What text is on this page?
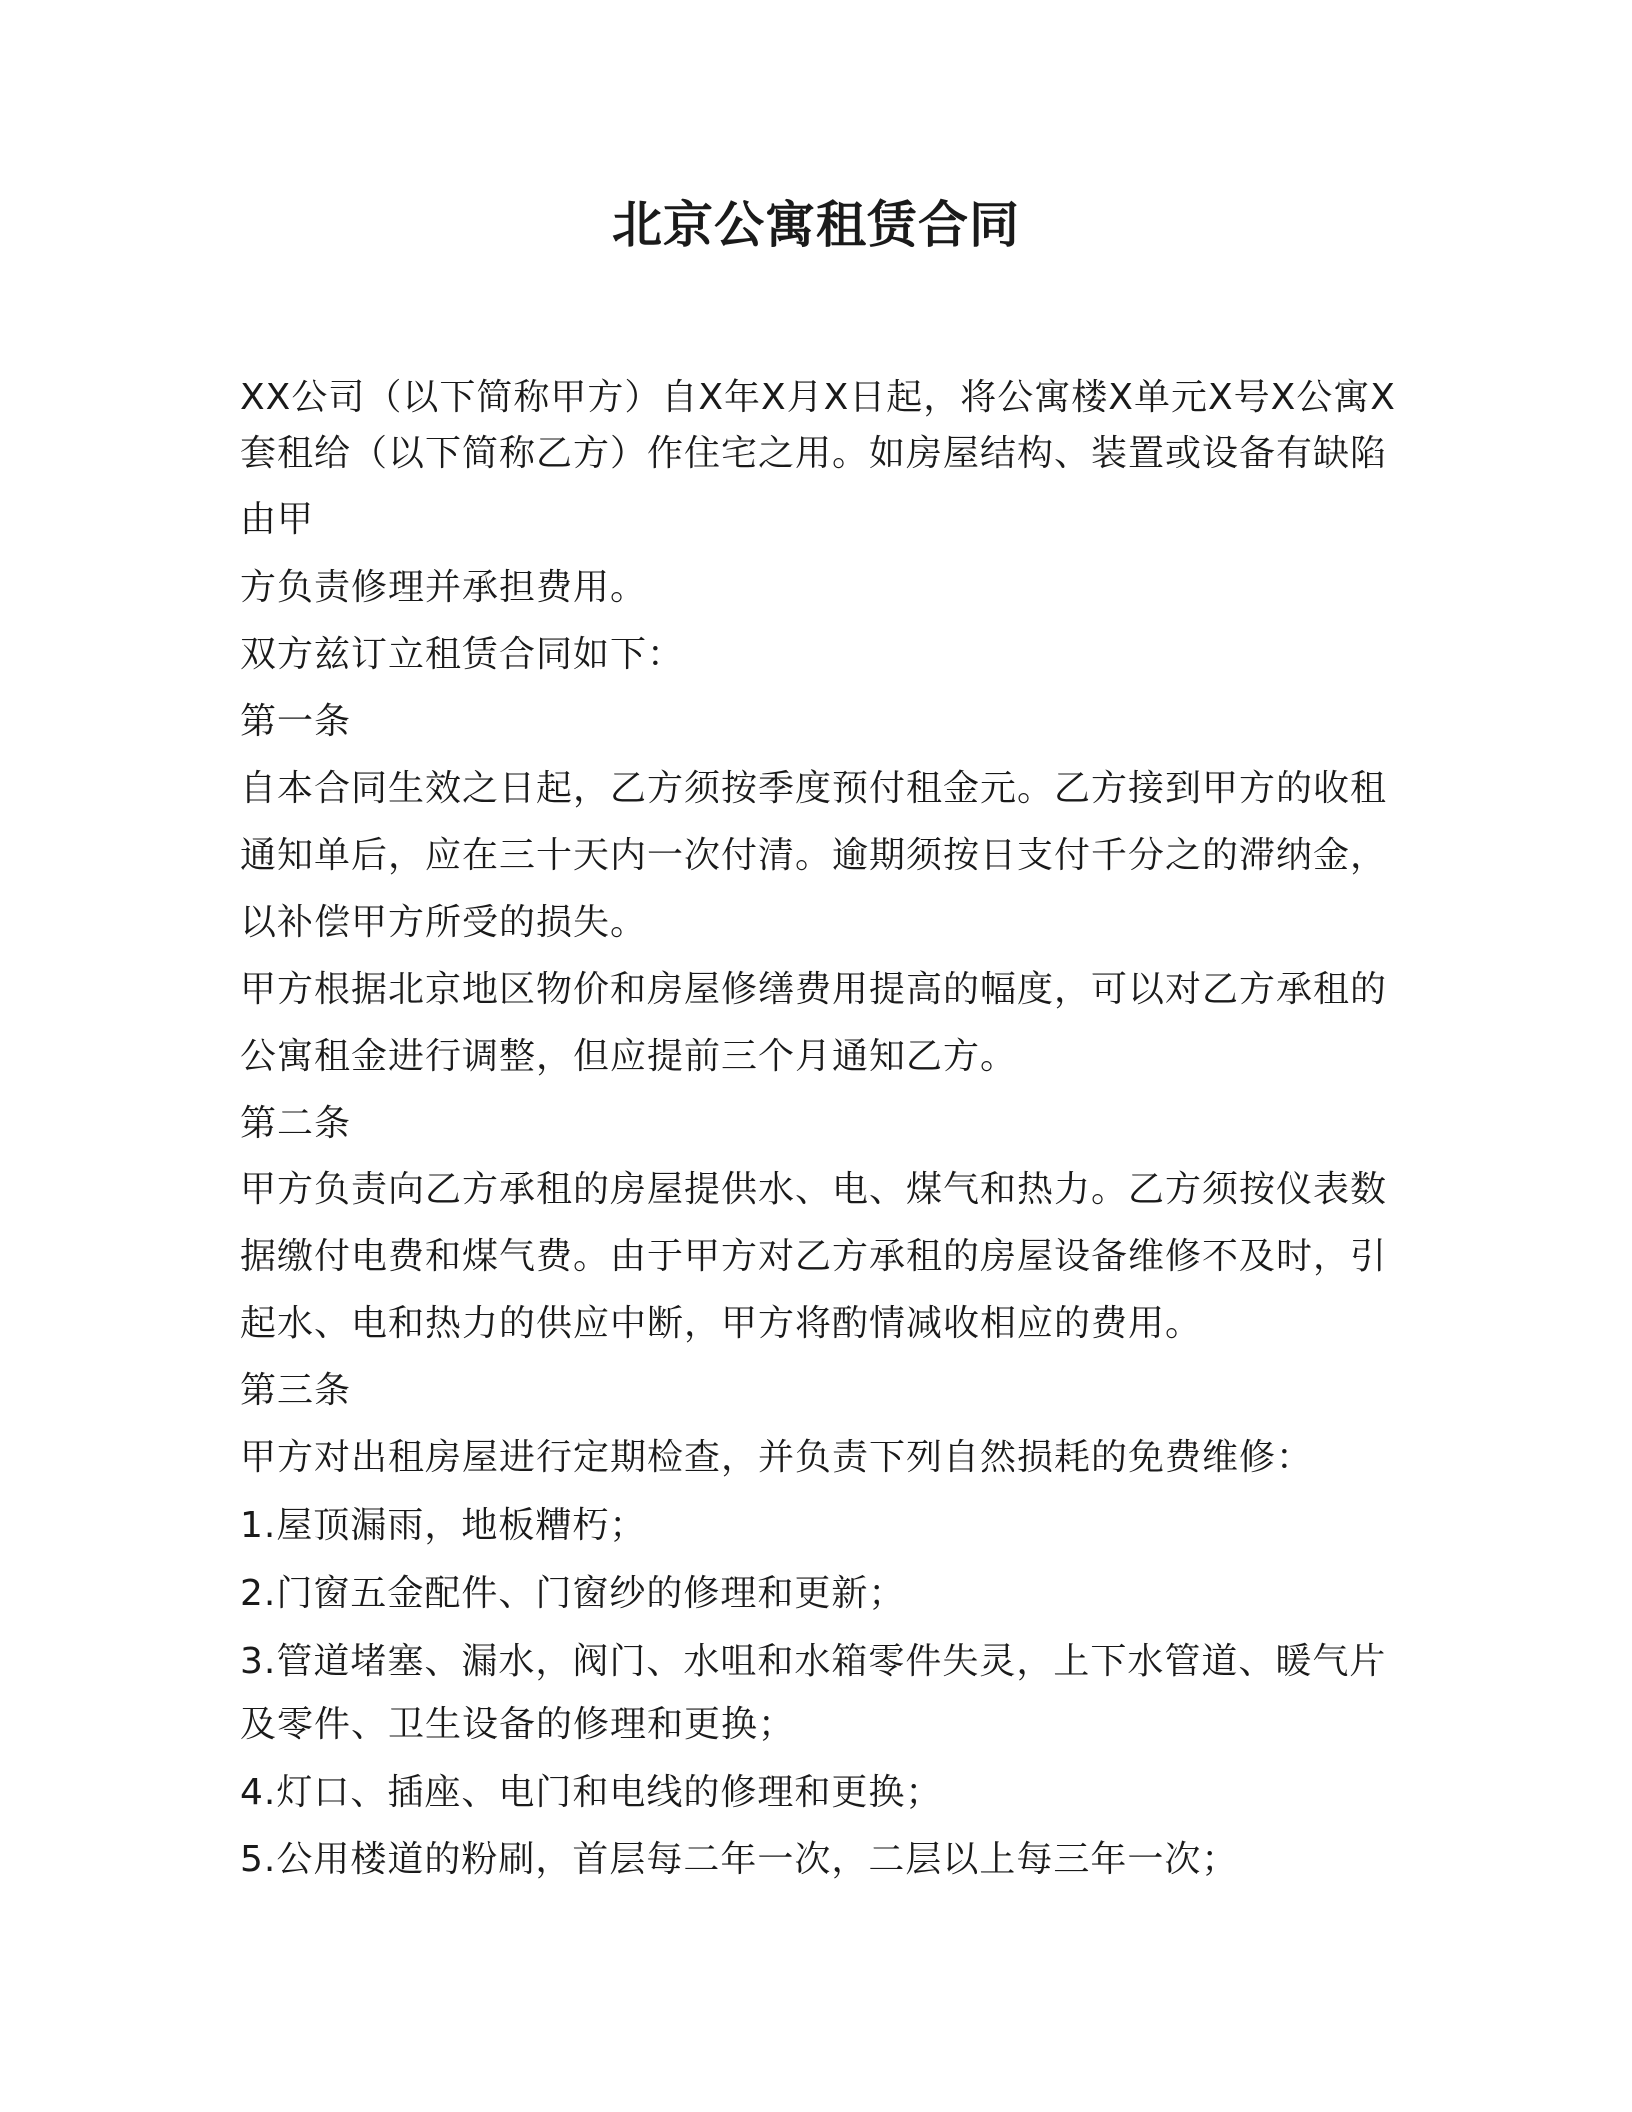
北京公寓租赁合同
XX公司（以下简称甲方）自X年X月X日起，将公寓楼X单元X号X公寓X
套租给（以下简称乙方）作住宅之用。如房屋结构、装置或设备有缺陷
由甲
方负责修理并承担费用。
双方兹订立租赁合同如下：
第一条
自本合同生效之日起，乙方须按季度预付租金元。乙方接到甲方的收租
通知单后，应在三十天内一次付清。逾期须按日支付千分之的滞纳金，
以补偿甲方所受的损失。
甲方根据北京地区物价和房屋修缮费用提高的幅度，可以对乙方承租的
公寓租金进行调整，但应提前三个月通知乙方。
第二条
甲方负责向乙方承租的房屋提供水、电、煤气和热力。乙方须按仪表数
据缴付电费和煤气费。由于甲方对乙方承租的房屋设备维修不及时，引
起水、电和热力的供应中断，甲方将酌情减收相应的费用。
第三条
甲方对出租房屋进行定期检查，并负责下列自然损耗的免费维修：
1.屋顶漏雨，地板糟朽；
2.门窗五金配件、门窗纱的修理和更新；
3.管道堵塞、漏水，阀门、水咀和水箱零件失灵，上下水管道、暖气片
及零件、卫生设备的修理和更换；
4.灯口、插座、电门和电线的修理和更换；
5.公用楼道的粉刷，首层每二年一次，二层以上每三年一次；
